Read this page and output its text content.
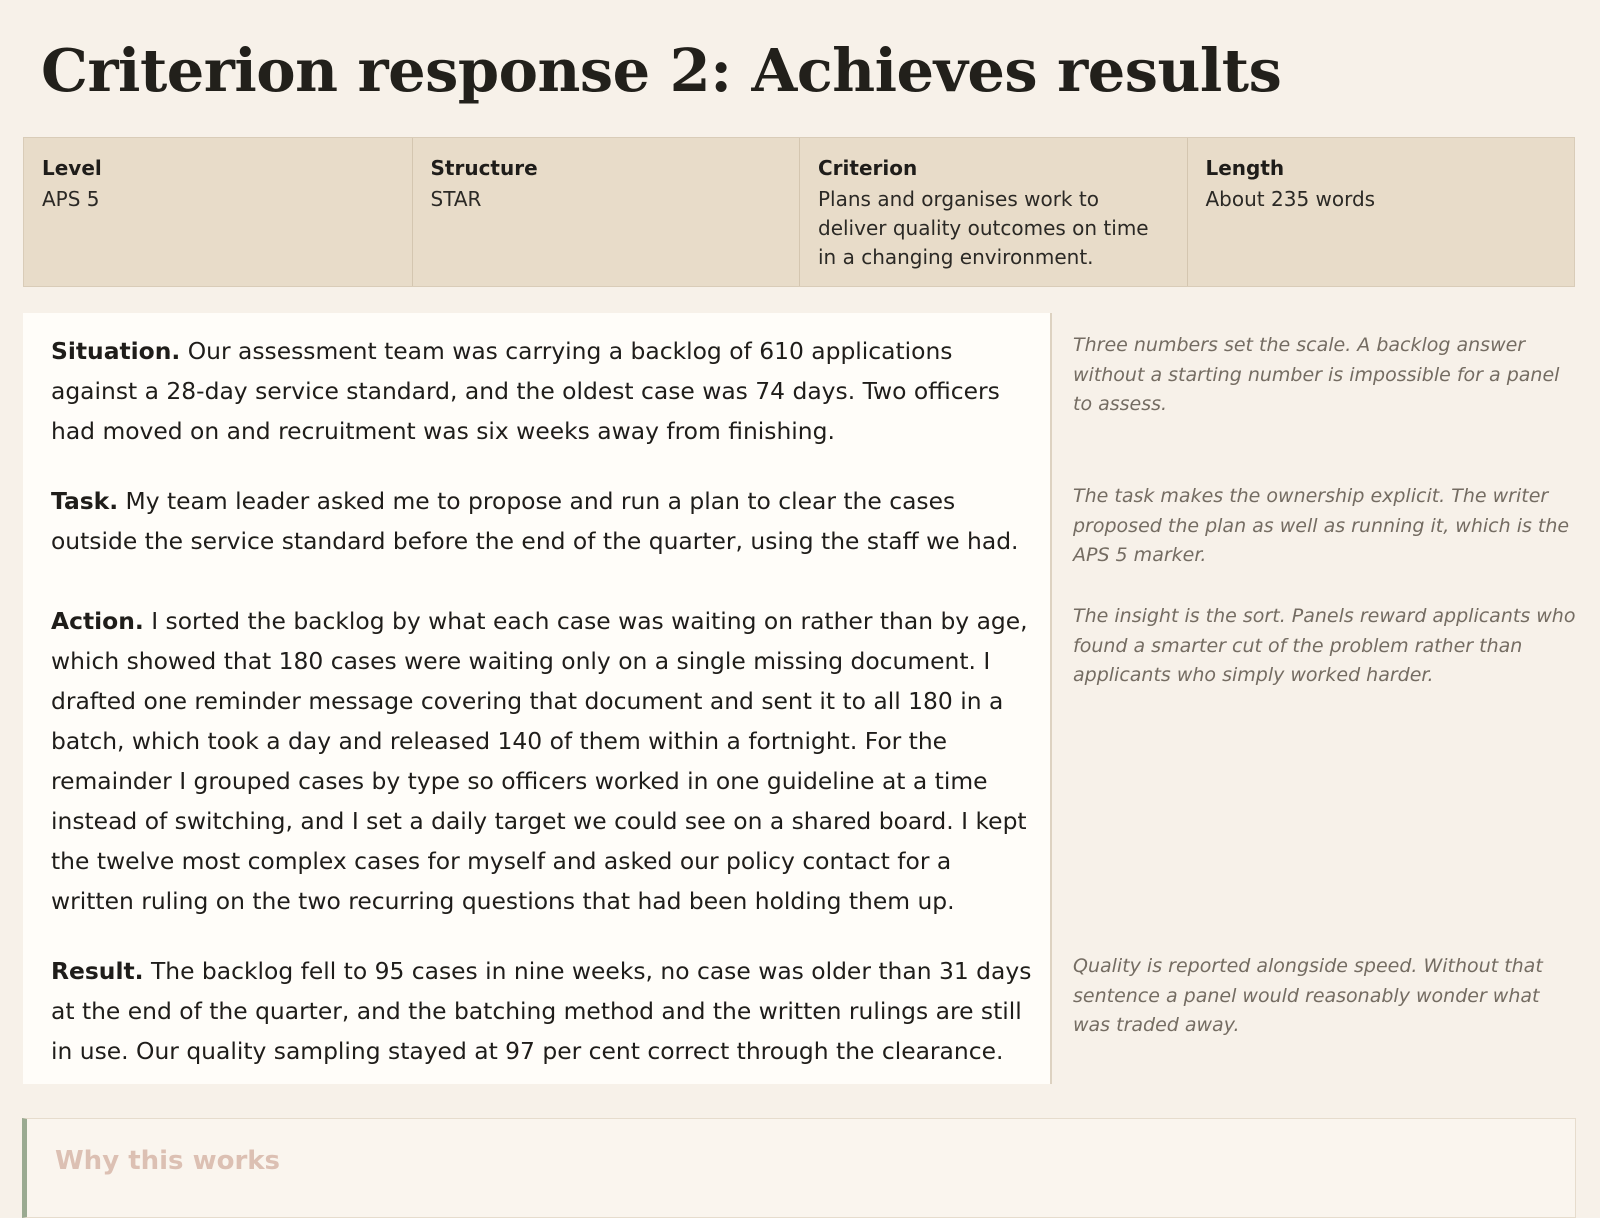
Criterion response 2: Achieves results
Level
APS 5
Structure
STAR
Criterion
Plans and organises work to deliver quality outcomes on time in a changing environment.
Length
About 235 words

Situation. Our assessment team was carrying a backlog of 610 applications against a 28-day service standard, and the oldest case was 74 days. Two officers had moved on and recruitment was six weeks away from finishing.

Task. My team leader asked me to propose and run a plan to clear the cases outside the service standard before the end of the quarter, using the staff we had.

Action. I sorted the backlog by what each case was waiting on rather than by age, which showed that 180 cases were waiting only on a single missing document. I drafted one reminder message covering that document and sent it to all 180 in a batch, which took a day and released 140 of them within a fortnight. For the remainder I grouped cases by type so officers worked in one guideline at a time instead of switching, and I set a daily target we could see on a shared board. I kept the twelve most complex cases for myself and asked our policy contact for a written ruling on the two recurring questions that had been holding them up.

Result. The backlog fell to 95 cases in nine weeks, no case was older than 31 days at the end of the quarter, and the batching method and the written rulings are still in use. Our quality sampling stayed at 97 per cent correct through the clearance.

Three numbers set the scale. A backlog answer without a starting number is impossible for a panel to assess.

The task makes the ownership explicit. The writer proposed the plan as well as running it, which is the APS 5 marker.

The insight is the sort. Panels reward applicants who found a smarter cut of the problem rather than applicants who simply worked harder.

Quality is reported alongside speed. Without that sentence a panel would reasonably wonder what was traded away.

Why this works
